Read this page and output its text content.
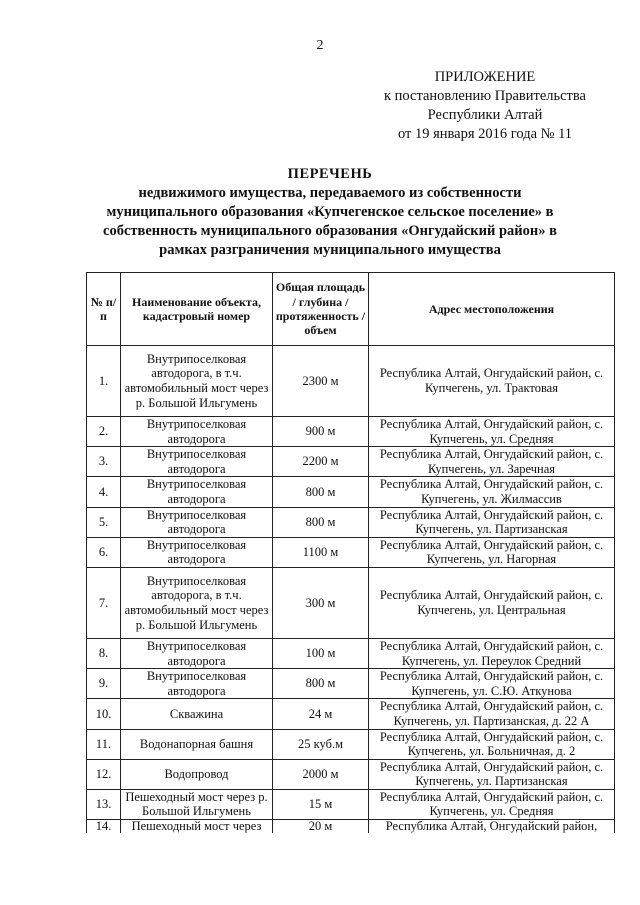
2
ПРИЛОЖЕНИЕ
к постановлению Правительства
Республики Алтай
от 19 января 2016 года № 11
ПЕРЕЧЕНЬ
недвижимого имущества, передаваемого из собственности
муниципального образования «Купчегенское сельское поселение» в
собственность муниципального образования «Онгудайский район» в
рамках разграничения муниципального имущества
№ п/п	Наименование объекта, кадастровый номер	Общая площадь / глубина / протяженность / объем	Адрес местоположения
1.	Внутрипоселковая автодорога, в т.ч. автомобильный мост через р. Большой Ильгумень	2300 м	Республика Алтай, Онгудайский район, с. Купчегень, ул. Трактовая
2.	Внутрипоселковая автодорога	900 м	Республика Алтай, Онгудайский район, с. Купчегень, ул. Средняя
3.	Внутрипоселковая автодорога	2200 м	Республика Алтай, Онгудайский район, с. Купчегень, ул. Заречная
4.	Внутрипоселковая автодорога	800 м	Республика Алтай, Онгудайский район, с. Купчегень, ул. Жилмассив
5.	Внутрипоселковая автодорога	800 м	Республика Алтай, Онгудайский район, с. Купчегень, ул. Партизанская
6.	Внутрипоселковая автодорога	1100 м	Республика Алтай, Онгудайский район, с. Купчегень, ул. Нагорная
7.	Внутрипоселковая автодорога, в т.ч. автомобильный мост через р. Большой Ильгумень	300 м	Республика Алтай, Онгудайский район, с. Купчегень, ул. Центральная
8.	Внутрипоселковая автодорога	100 м	Республика Алтай, Онгудайский район, с. Купчегень, ул. Переулок Средний
9.	Внутрипоселковая автодорога	800 м	Республика Алтай, Онгудайский район, с. Купчегень, ул. С.Ю. Аткунова
10.	Скважина	24 м	Республика Алтай, Онгудайский район, с. Купчегень, ул. Партизанская, д. 22 А
11.	Водонапорная башня	25 куб.м	Республика Алтай, Онгудайский район, с. Купчегень, ул. Больничная, д. 2
12.	Водопровод	2000 м	Республика Алтай, Онгудайский район, с. Купчегень, ул. Партизанская
13.	Пешеходный мост через р. Большой Ильгумень	15 м	Республика Алтай, Онгудайский район, с. Купчегень, ул. Средняя
14.	Пешеходный мост через	20 м	Республика Алтай, Онгудайский район,
